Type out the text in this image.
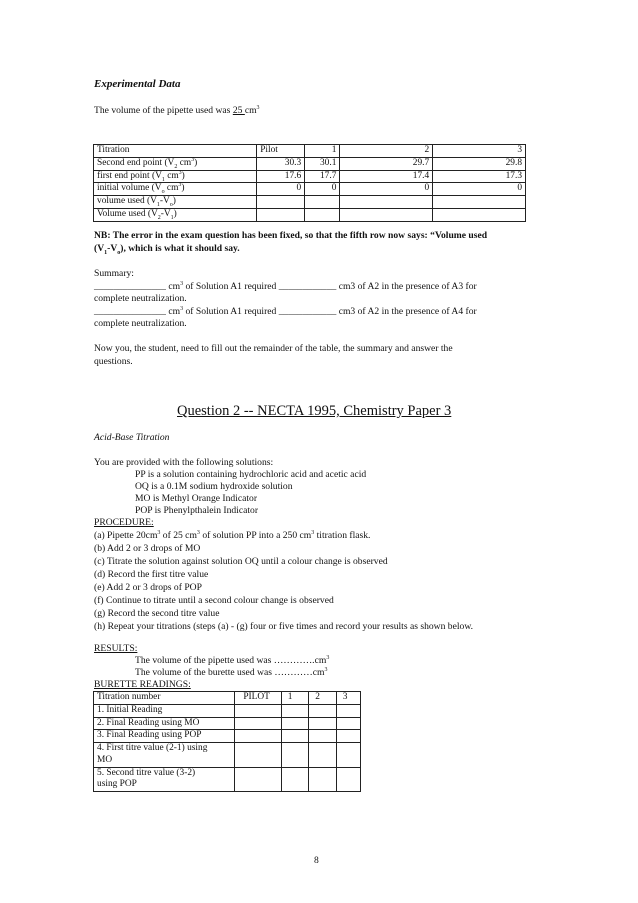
Experimental Data
The volume of the pipette used was 25 $cm^3$
Titration	Pilot	1	2	3
Second end point ($V_2$ $cm^3$)	30.3	30.1	29.7	29.8
first end point ($V_1$ $cm^3$)	17.6	17.7	17.4	17.3
initial volume ($V_o$ $cm^3$)	0	0	0	0
volume used $(V_1-V_o)$				
Volume used $(V_2-V_1)$				
NB: The error in the exam question has been fixed, so that the fifth row now says: “Volume used
$(V_1-V_o)$, which is what it should say.
Summary:
_______________ $cm^3$ of Solution A1 required ____________ cm3 of A2 in the presence of A3 for
complete neutralization.
_______________ $cm^3$ of Solution A1 required ____________ cm3 of A2 in the presence of A4 for
complete neutralization.
Now you, the student, need to fill out the remainder of the table, the summary and answer the
questions.
Question 2 -- NECTA 1995, Chemistry Paper 3
Acid-Base Titration
You are provided with the following solutions:
PP is a solution containing hydrochloric acid and acetic acid
OQ is a 0.1M sodium hydroxide solution
MO is Methyl Orange Indicator
POP is Phenylpthalein Indicator
PROCEDURE:
(a) Pipette $20cm^3$ of 25 $cm^3$ of solution PP into a 250 $cm^3$ titration flask.
(b) Add 2 or 3 drops of MO
(c) Titrate the solution against solution OQ until a colour change is observed
(d) Record the first titre value
(e) Add 2 or 3 drops of POP
(f) Continue to titrate until a second colour change is observed
(g) Record the second titre value
(h) Repeat your titrations (steps (a) - (g) four or five times and record your results as shown below.
RESULTS:
The volume of the pipette used was $\dots\dots\dots\dots.cm^3$
The volume of the burette used was $\dots\dots\dots\dots cm^3$
BURETTE READINGS:
Titration number	PILOT	1	2	3
1. Initial Reading				
2. Final Reading using MO				
3. Final Reading using POP				

4. First titre value (2-1) using
MO				

5. Second titre value (3-2)
using POP				

8
